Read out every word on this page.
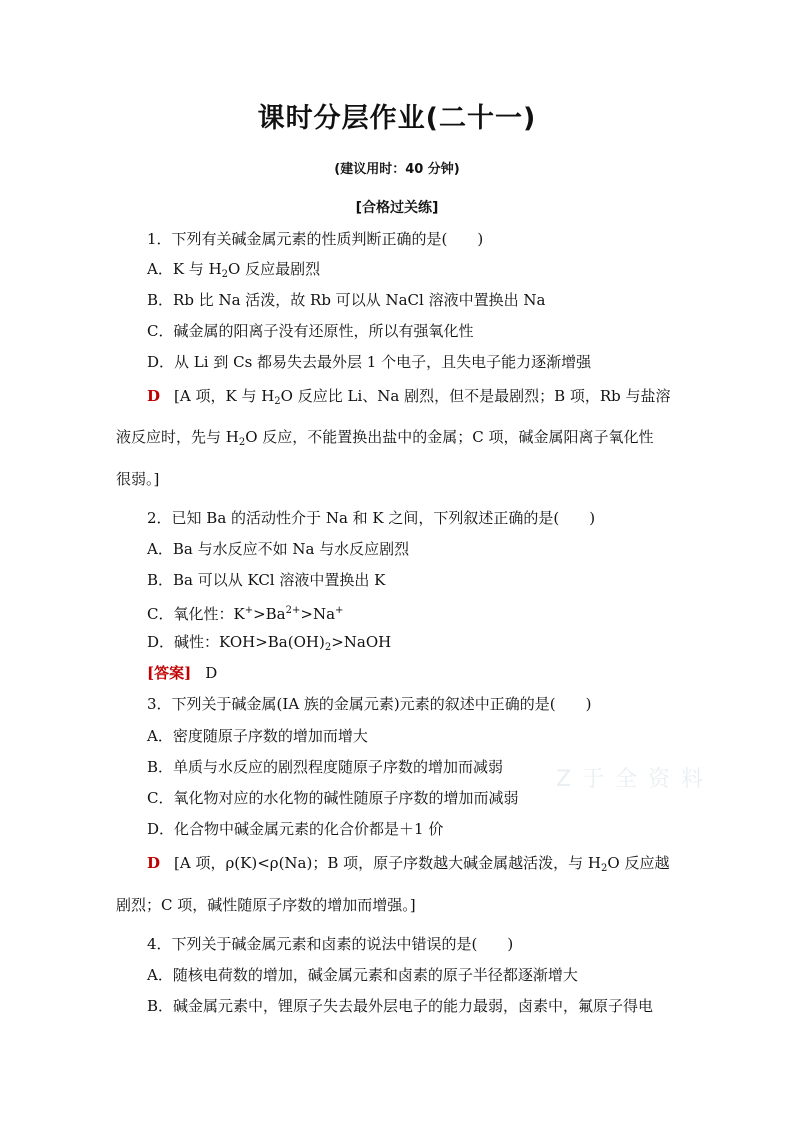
课时分层作业(二十一)
(建议用时：40 分钟)
[合格过关练]
1．下列有关碱金属元素的性质判断正确的是(　　)
A．K 与 $H_2O$ 反应最剧烈
B．Rb 比 Na 活泼，故 Rb 可以从 NaCl 溶液中置换出 Na
C．碱金属的阳离子没有还原性，所以有强氧化性
D．从 Li 到 Cs 都易失去最外层 1 个电子，且失电子能力逐渐增强
D [A 项，K 与 $H_2O$ 反应比 Li、Na 剧烈，但不是最剧烈；B 项，Rb 与盐溶
液反应时，先与 $H_2O$ 反应，不能置换出盐中的金属；C 项，碱金属阳离子氧化性
很弱。]
2．已知 Ba 的活动性介于 Na 和 K 之间，下列叙述正确的是(　　)
A．Ba 与水反应不如 Na 与水反应剧烈
B．Ba 可以从 KCl 溶液中置换出 K
C．氧化性：$K^+>Ba^{2+}>Na^+$
D．碱性：$KOH>Ba(OH)_2>NaOH$
[答案] D
3．下列关于碱金属(ⅠA 族的金属元素)元素的叙述中正确的是(　　)
A．密度随原子序数的增加而增大
B．单质与水反应的剧烈程度随原子序数的增加而减弱
C．氧化物对应的水化物的碱性随原子序数的增加而减弱
D．化合物中碱金属元素的化合价都是＋1 价
D [A 项，ρ(K)<ρ(Na)；B 项，原子序数越大碱金属越活泼，与 $H_2O$ 反应越
剧烈；C 项，碱性随原子序数的增加而增强。]
4．下列关于碱金属元素和卤素的说法中错误的是(　　)
A．随核电荷数的增加，碱金属元素和卤素的原子半径都逐渐增大
B．碱金属元素中，锂原子失去最外层电子的能力最弱，卤素中，氟原子得电
Z 于 全 资 料
